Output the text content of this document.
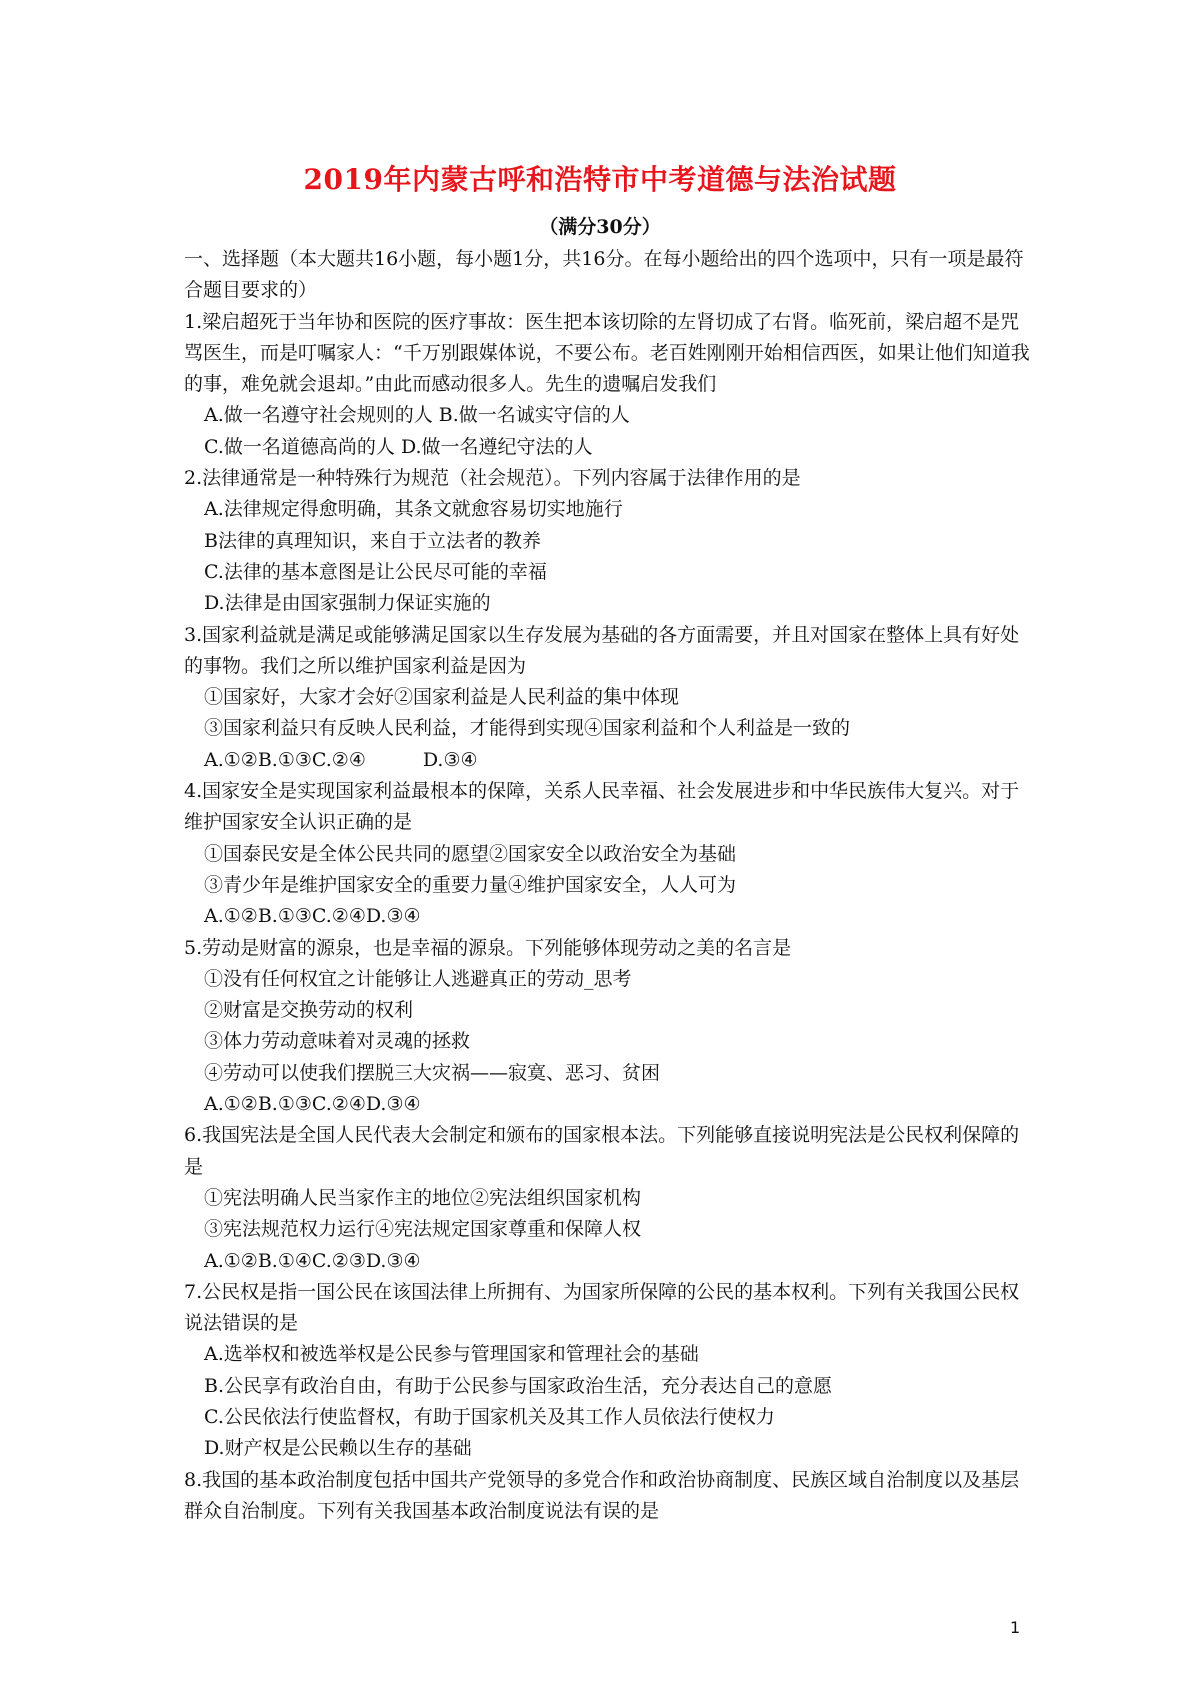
2019年内蒙古呼和浩特市中考道德与法治试题
（满分30分）

一、选择题（本大题共16小题，每小题1分，共16分。在每小题给出的四个选项中，只有一项是最符合题目要求的）

1.梁启超死于当年协和医院的医疗事故：医生把本该切除的左肾切成了右肾。临死前，梁启超不是咒骂医生，而是叮嘱家人：“千万别跟媒体说，不要公布。老百姓刚刚开始相信西医，如果让他们知道我的事，难免就会退却。”由此而感动很多人。先生的遗嘱启发我们

A.做一名遵守社会规则的人 B.做一名诚实守信的人

C.做一名道德高尚的人 D.做一名遵纪守法的人

2.法律通常是一种特殊行为规范（社会规范）。下列内容属于法律作用的是

A.法律规定得愈明确，其条文就愈容易切实地施行

B法律的真理知识，来自于立法者的教养

C.法律的基本意图是让公民尽可能的幸福

D.法律是由国家强制力保证实施的

3.国家利益就是满足或能够满足国家以生存发展为基础的各方面需要，并且对国家在整体上具有好处的事物。我们之所以维护国家利益是因为

①国家好，大家才会好②国家利益是人民利益的集中体现

③国家利益只有反映人民利益，才能得到实现④国家利益和个人利益是一致的

A.①②B.①③C.②④　　　D.③④

4.国家安全是实现国家利益最根本的保障，关系人民幸福、社会发展进步和中华民族伟大复兴。对于维护国家安全认识正确的是

①国泰民安是全体公民共同的愿望②国家安全以政治安全为基础

③青少年是维护国家安全的重要力量④维护国家安全，人人可为

A.①②B.①③C.②④D.③④

5.劳动是财富的源泉，也是幸福的源泉。下列能够体现劳动之美的名言是

①没有任何权宜之计能够让人逃避真正的劳动_思考

②财富是交换劳动的权利

③体力劳动意味着对灵魂的拯救

④劳动可以使我们摆脱三大灾祸——寂寞、恶习、贫困

A.①②B.①③C.②④D.③④

6.我国宪法是全国人民代表大会制定和颁布的国家根本法。下列能够直接说明宪法是公民权利保障的是

①宪法明确人民当家作主的地位②宪法组织国家机构

③宪法规范权力运行④宪法规定国家尊重和保障人权

A.①②B.①④C.②③D.③④

7.公民权是指一国公民在该国法律上所拥有、为国家所保障的公民的基本权利。下列有关我国公民权说法错误的是

A.选举权和被选举权是公民参与管理国家和管理社会的基础

B.公民享有政治自由，有助于公民参与国家政治生活，充分表达自己的意愿

C.公民依法行使监督权，有助于国家机关及其工作人员依法行使权力

D.财产权是公民赖以生存的基础

8.我国的基本政治制度包括中国共产党领导的多党合作和政治协商制度、民族区域自治制度以及基层群众自治制度。下列有关我国基本政治制度说法有误的是

1
